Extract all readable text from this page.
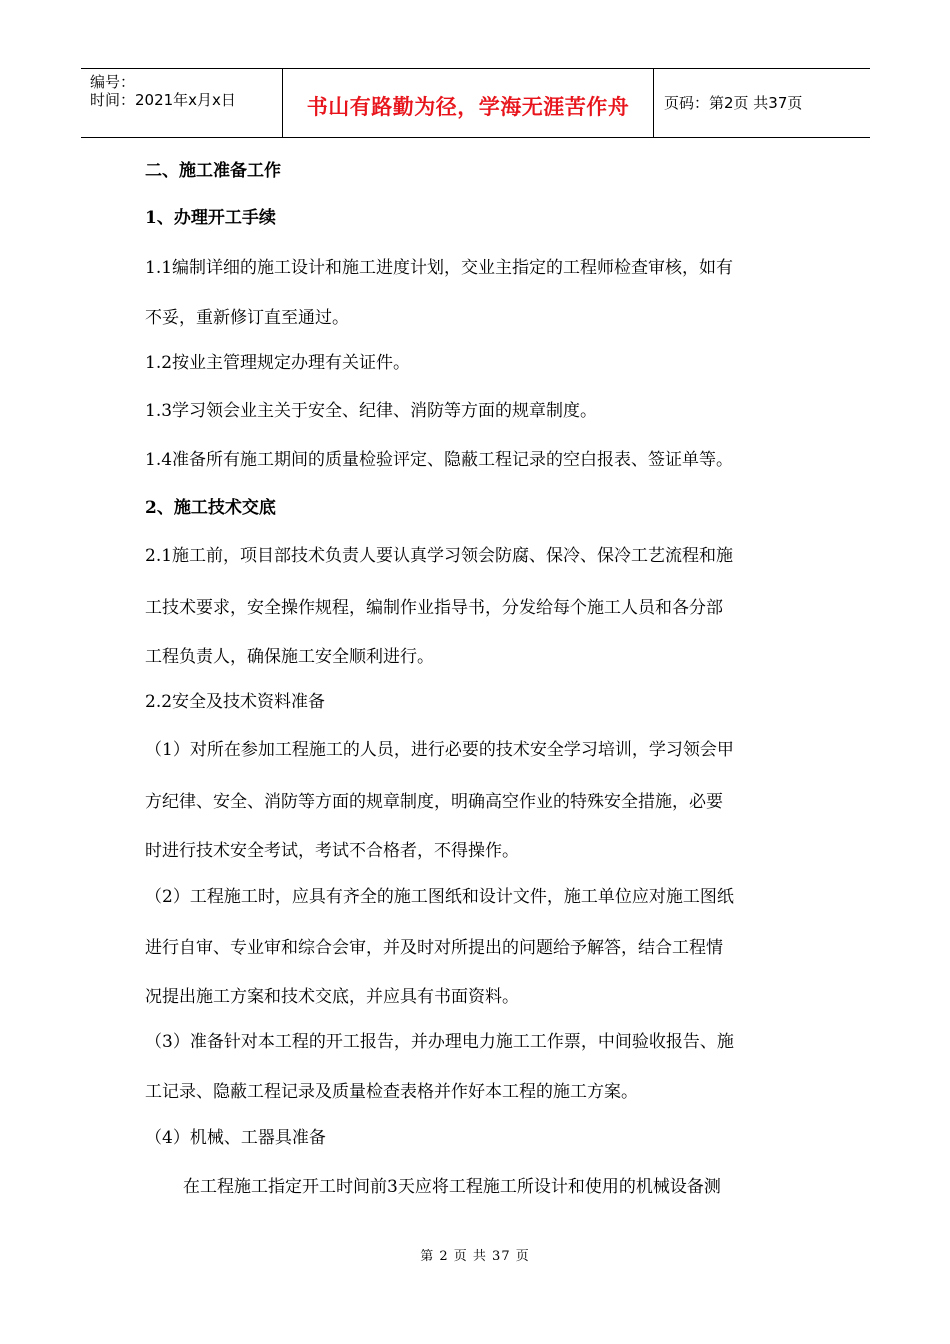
编号：
时间：2021年x月x日	书山有路勤为径，学海无涯苦作舟	页码：第2页 共37页
二、施工准备工作
1、办理开工手续
1.1编制详细的施工设计和施工进度计划，交业主指定的工程师检查审核，如有
不妥，重新修订直至通过。
1.2按业主管理规定办理有关证件。
1.3学习领会业主关于安全、纪律、消防等方面的规章制度。
1.4准备所有施工期间的质量检验评定、隐蔽工程记录的空白报表、签证单等。
2、施工技术交底
2.1施工前，项目部技术负责人要认真学习领会防腐、保冷、保冷工艺流程和施
工技术要求，安全操作规程，编制作业指导书，分发给每个施工人员和各分部
工程负责人，确保施工安全顺利进行。
2.2安全及技术资料准备
（1）对所在参加工程施工的人员，进行必要的技术安全学习培训，学习领会甲
方纪律、安全、消防等方面的规章制度，明确高空作业的特殊安全措施，必要
时进行技术安全考试，考试不合格者，不得操作。
（2）工程施工时，应具有齐全的施工图纸和设计文件，施工单位应对施工图纸
进行自审、专业审和综合会审，并及时对所提出的问题给予解答，结合工程情
况提出施工方案和技术交底，并应具有书面资料。
（3）准备针对本工程的开工报告，并办理电力施工工作票，中间验收报告、施
工记录、隐蔽工程记录及质量检查表格并作好本工程的施工方案。
（4）机械、工器具准备
在工程施工指定开工时间前3天应将工程施工所设计和使用的机械设备测
第 2 页 共 37 页
